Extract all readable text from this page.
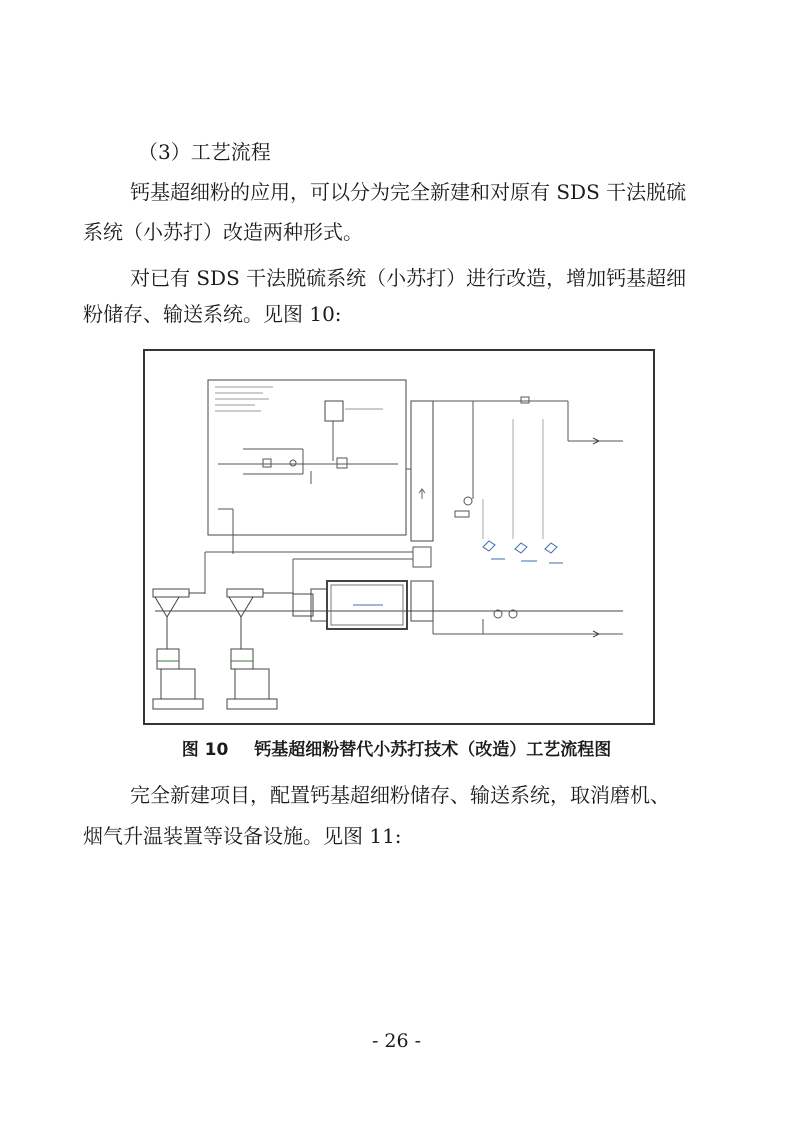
（3）工艺流程
钙基超细粉的应用，可以分为完全新建和对原有 SDS 干法脱硫
系统（小苏打）改造两种形式。
对已有 SDS 干法脱硫系统（小苏打）进行改造，增加钙基超细
粉储存、输送系统。见图 10:
图 10 钙基超细粉替代小苏打技术（改造）工艺流程图
完全新建项目，配置钙基超细粉储存、输送系统，取消磨机、
烟气升温装置等设备设施。见图 11:
- 26 -
